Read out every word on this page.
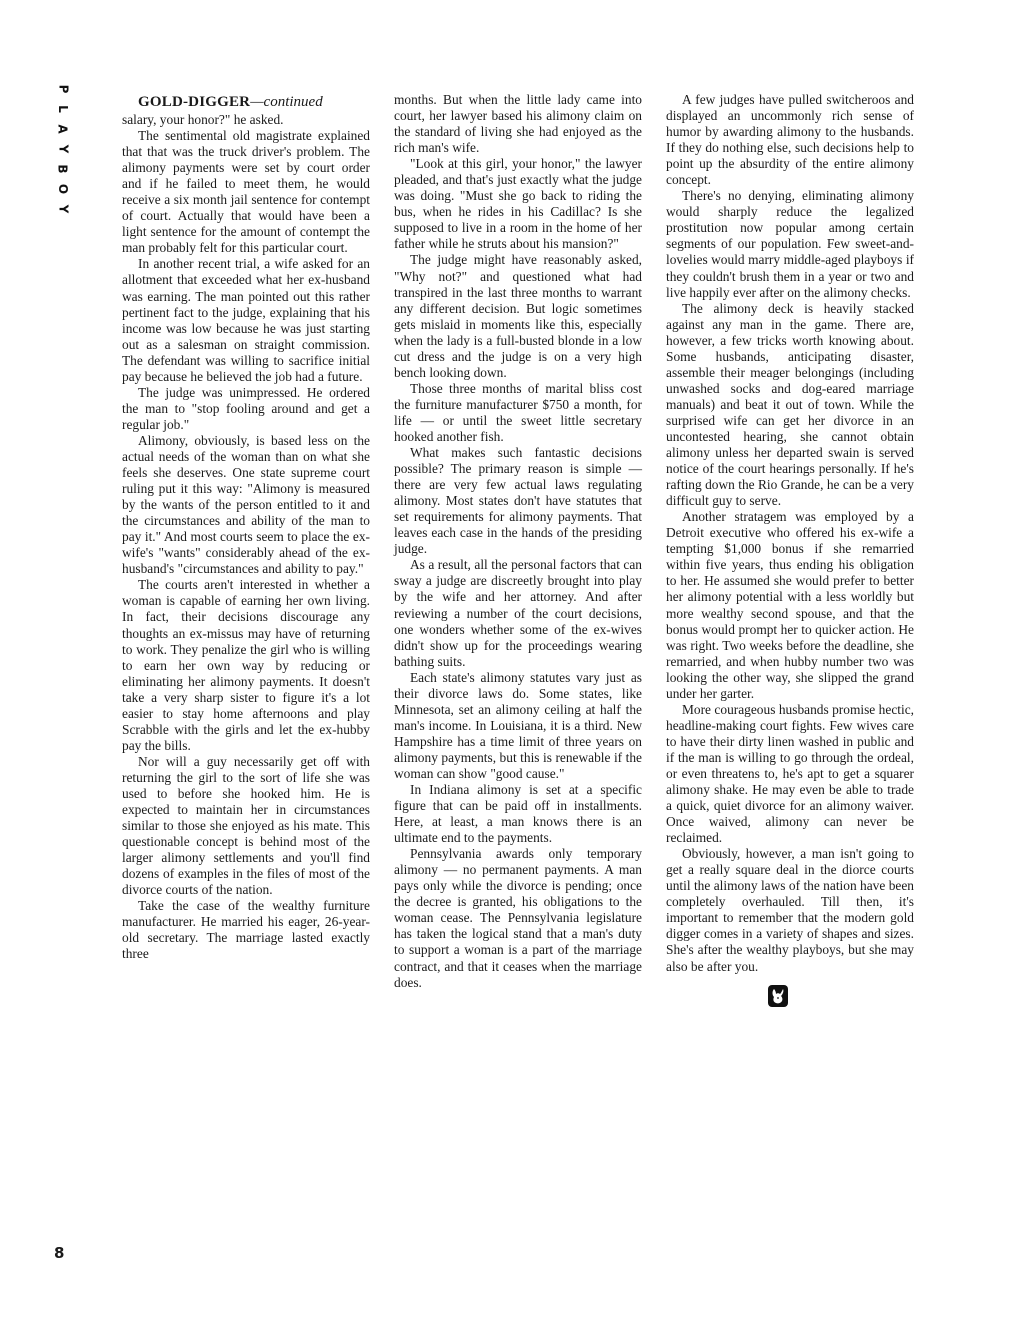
P
L
A
Y
B
O
Y

GOLD-DIGGER—continued

salary, your honor?" he asked.

The sentimental old magistrate explained that that was the truck driver's problem. The alimony payments were set by court order and if he failed to meet them, he would receive a six month jail sentence for contempt of court. Actually that would have been a light sentence for the amount of contempt the man probably felt for this particular court.

In another recent trial, a wife asked for an allotment that exceeded what her ex-husband was earning. The man pointed out this rather pertinent fact to the judge, explaining that his income was low because he was just starting out as a salesman on straight commission. The defendant was willing to sacrifice initial pay because he believed the job had a future.

The judge was unimpressed. He ordered the man to "stop fooling around and get a regular job."

Alimony, obviously, is based less on the actual needs of the woman than on what she feels she deserves. One state supreme court ruling put it this way: "Alimony is measured by the wants of the person entitled to it and the circumstances and ability of the man to pay it." And most courts seem to place the ex-wife's "wants" considerably ahead of the ex-husband's "circumstances and ability to pay."

The courts aren't interested in whether a woman is capable of earning her own living. In fact, their decisions discourage any thoughts an ex-missus may have of returning to work. They penalize the girl who is willing to earn her own way by reducing or eliminating her alimony payments. It doesn't take a very sharp sister to figure it's a lot easier to stay home afternoons and play Scrabble with the girls and let the ex-hubby pay the bills.

Nor will a guy necessarily get off with returning the girl to the sort of life she was used to before she hooked him. He is expected to maintain her in circumstances similar to those she enjoyed as his mate. This questionable concept is behind most of the larger alimony settlements and you'll find dozens of examples in the files of most of the divorce courts of the nation.

Take the case of the wealthy furniture manufacturer. He married his eager, 26-year-old secretary. The marriage lasted exactly three

months. But when the little lady came into court, her lawyer based his alimony claim on the standard of living she had enjoyed as the rich man's wife.

"Look at this girl, your honor," the lawyer pleaded, and that's just exactly what the judge was doing. "Must she go back to riding the bus, when he rides in his Cadillac? Is she supposed to live in a room in the home of her father while he struts about his mansion?"

The judge might have reasonably asked, "Why not?" and questioned what had transpired in the last three months to warrant any different decision. But logic sometimes gets mislaid in moments like this, especially when the lady is a full-busted blonde in a low cut dress and the judge is on a very high bench looking down.

Those three months of marital bliss cost the furniture manufacturer $750 a month, for life — or until the sweet little secretary hooked another fish.

What makes such fantastic decisions possible? The primary reason is simple — there are very few actual laws regulating alimony. Most states don't have statutes that set requirements for alimony payments. That leaves each case in the hands of the presiding judge.

As a result, all the personal factors that can sway a judge are discreetly brought into play by the wife and her attorney. And after reviewing a number of the court decisions, one wonders whether some of the ex-wives didn't show up for the proceedings wearing bathing suits.

Each state's alimony statutes vary just as their divorce laws do. Some states, like Minnesota, set an alimony ceiling at half the man's income. In Louisiana, it is a third. New Hampshire has a time limit of three years on alimony payments, but this is renewable if the woman can show "good cause."

In Indiana alimony is set at a specific figure that can be paid off in installments. Here, at least, a man knows there is an ultimate end to the payments.

Pennsylvania awards only temporary alimony — no permanent payments. A man pays only while the divorce is pending; once the decree is granted, his obligations to the woman cease. The Pennsylvania legislature has taken the logical stand that a man's duty to support a woman is a part of the marriage contract, and that it ceases when the marriage does.

A few judges have pulled switcheroos and displayed an uncommonly rich sense of humor by awarding alimony to the husbands. If they do nothing else, such decisions help to point up the absurdity of the entire alimony concept.

There's no denying, eliminating alimony would sharply reduce the legalized prostitution now popular among certain segments of our population. Few sweet-and-lovelies would marry middle-aged playboys if they couldn't brush them in a year or two and live happily ever after on the alimony checks.

The alimony deck is heavily stacked against any man in the game. There are, however, a few tricks worth knowing about. Some husbands, anticipating disaster, assemble their meager belongings (including unwashed socks and dog-eared marriage manuals) and beat it out of town. While the surprised wife can get her divorce in an uncontested hearing, she cannot obtain alimony unless her departed swain is served notice of the court hearings personally. If he's rafting down the Rio Grande, he can be a very difficult guy to serve.

Another stratagem was employed by a Detroit executive who offered his ex-wife a tempting $1,000 bonus if she remarried within five years, thus ending his obligation to her. He assumed she would prefer to better her alimony potential with a less worldly but more wealthy second spouse, and that the bonus would prompt her to quicker action. He was right. Two weeks before the deadline, she remarried, and when hubby number two was looking the other way, she slipped the grand under her garter.

More courageous husbands promise hectic, headline-making court fights. Few wives care to have their dirty linen washed in public and if the man is willing to go through the ordeal, or even threatens to, he's apt to get a squarer alimony shake. He may even be able to trade a quick, quiet divorce for an alimony waiver. Once waived, alimony can never be reclaimed.

Obviously, however, a man isn't going to get a really square deal in the diorce courts until the alimony laws of the nation have been completely overhauled. Till then, it's important to remember that the modern gold digger comes in a variety of shapes and sizes. She's after the wealthy playboys, but she may also be after you.

8
